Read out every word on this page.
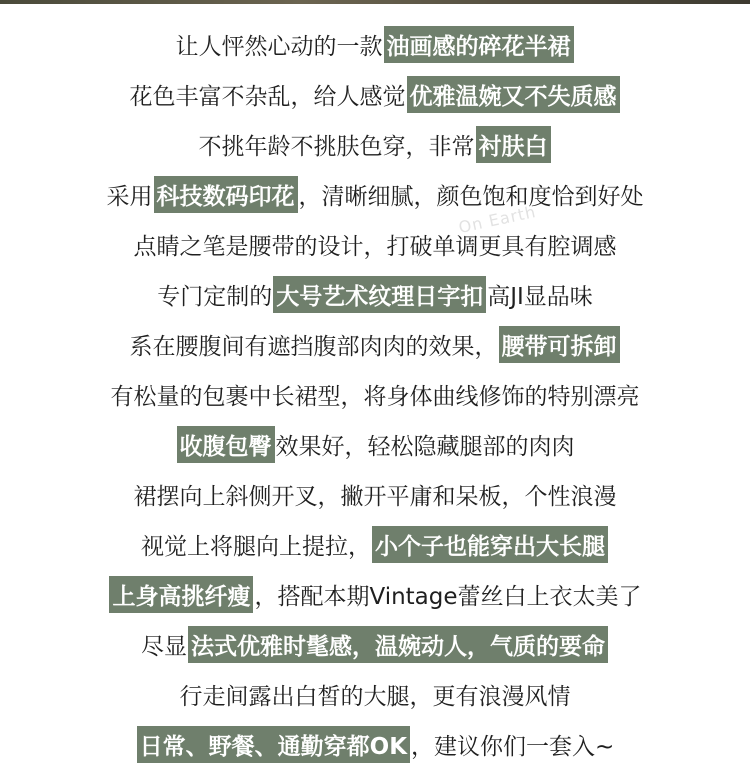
On Earth
让人怦然心动的一款 油画感的碎花半裙
花色丰富不杂乱，给人感觉 优雅温婉又不失质感
不挑年龄不挑肤色穿，非常 衬肤白
采用 科技数码印花 ，清晰细腻，颜色饱和度恰到好处
点睛之笔是腰带的设计，打破单调更具有腔调感
专门定制的 大号艺术纹理日字扣 高JI显品味
系在腰腹间有遮挡腹部肉肉的效果， 腰带可拆卸
有松量的包裹中长裙型，将身体曲线修饰的特别漂亮
收腹包臀 效果好，轻松隐藏腿部的肉肉
裙摆向上斜侧开叉，撇开平庸和呆板，个性浪漫
视觉上将腿向上提拉， 小个子也能穿出大长腿
上身高挑纤瘦 ，搭配本期Vintage蕾丝白上衣太美了
尽显 法式优雅时髦感，温婉动人，气质的要命
行走间露出白皙的大腿，更有浪漫风情
日常、野餐、通勤穿都OK ，建议你们一套入~
